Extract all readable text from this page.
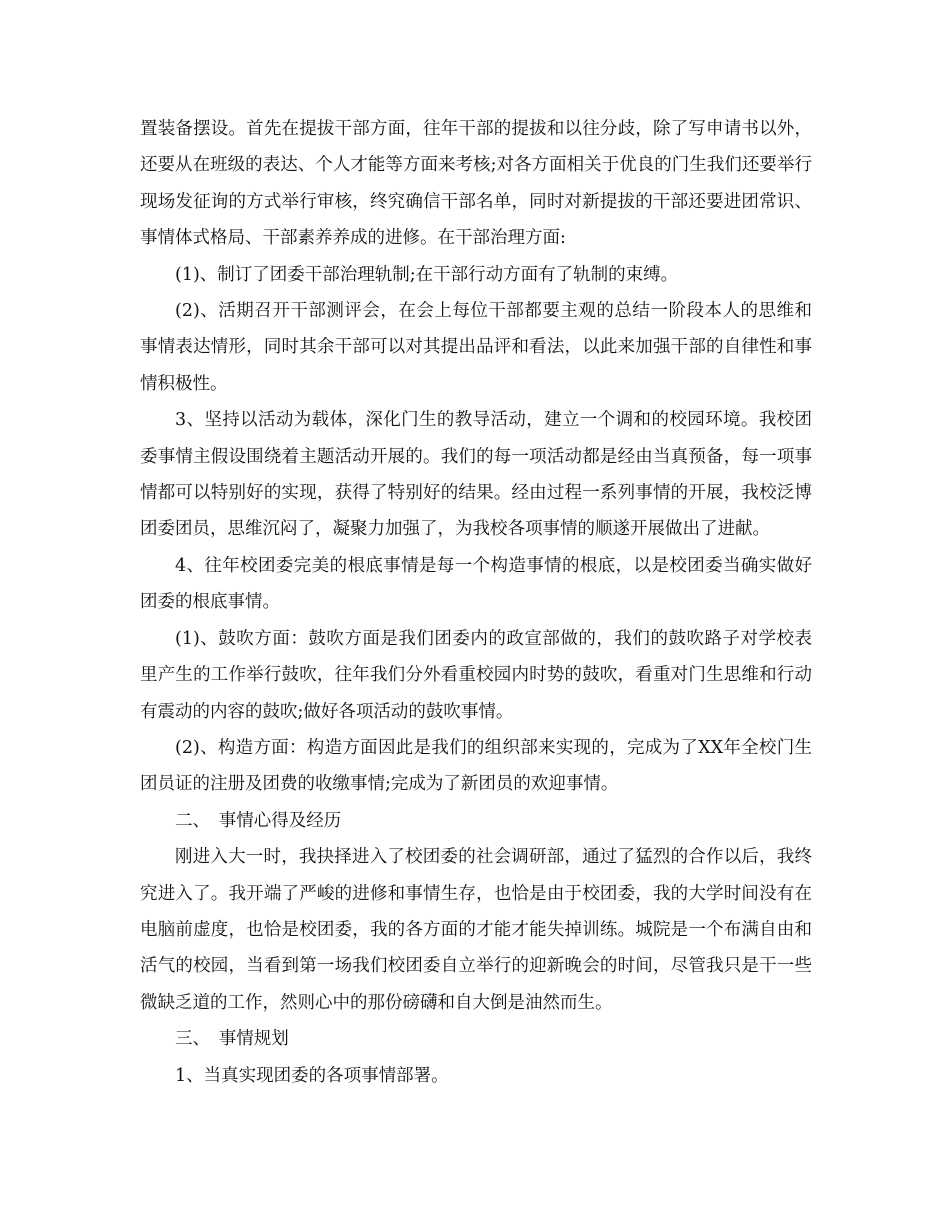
置装备摆设。首先在提拔干部方面，往年干部的提拔和以往分歧，除了写申请书以外，还要从在班级的表达、个人才能等方面来考核;对各方面相关于优良的门生我们还要举行现场发征询的方式举行审核，终究确信干部名单，同时对新提拔的干部还要进团常识、事情体式格局、干部素养养成的进修。在干部治理方面:

(1)、制订了团委干部治理轨制;在干部行动方面有了轨制的束缚。

(2)、活期召开干部测评会，在会上每位干部都要主观的总结一阶段本人的思维和事情表达情形，同时其余干部可以对其提出品评和看法，以此来加强干部的自律性和事情积极性。

3、坚持以活动为载体，深化门生的教导活动，建立一个调和的校园环境。我校团委事情主假设围绕着主题活动开展的。我们的每一项活动都是经由当真预备，每一项事情都可以特别好的实现，获得了特别好的结果。经由过程一系列事情的开展，我校泛博团委团员，思维沉闷了，凝聚力加强了，为我校各项事情的顺遂开展做出了进献。

4、往年校团委完美的根底事情是每一个构造事情的根底，以是校团委当确实做好团委的根底事情。

(1)、鼓吹方面：鼓吹方面是我们团委内的政宣部做的，我们的鼓吹路子对学校表里产生的工作举行鼓吹，往年我们分外看重校园内时势的鼓吹，看重对门生思维和行动有震动的内容的鼓吹;做好各项活动的鼓吹事情。

(2)、构造方面：构造方面因此是我们的组织部来实现的，完成为了XX年全校门生团员证的注册及团费的收缴事情;完成为了新团员的欢迎事情。

二、　事情心得及经历

刚进入大一时，我抉择进入了校团委的社会调研部，通过了猛烈的合作以后，我终究进入了。我开端了严峻的进修和事情生存，也恰是由于校团委，我的大学时间没有在电脑前虚度，也恰是校团委，我的各方面的才能才能失掉训练。城院是一个布满自由和活气的校园，当看到第一场我们校团委自立举行的迎新晚会的时间，尽管我只是干一些微缺乏道的工作，然则心中的那份磅礴和自大倒是油然而生。

三、　事情规划

1、当真实现团委的各项事情部署。
